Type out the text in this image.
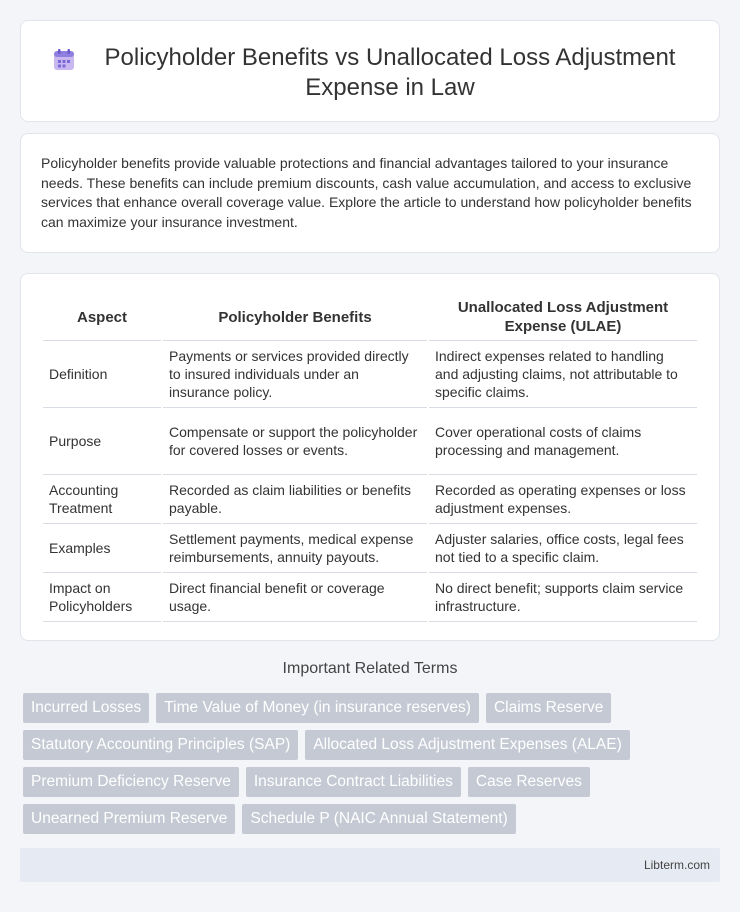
Policyholder Benefits vs Unallocated Loss Adjustment Expense in Law

Policyholder benefits provide valuable protections and financial advantages tailored to your insurance needs. These benefits can include premium discounts, cash value accumulation, and access to exclusive services that enhance overall coverage value. Explore the article to understand how policyholder benefits can maximize your insurance investment.

Aspect	Policyholder Benefits	Unallocated Loss Adjustment Expense (ULAE)
Definition	Payments or services provided directly to insured individuals under an insurance policy.	Indirect expenses related to handling and adjusting claims, not attributable to specific claims.
Purpose	Compensate or support the policyholder for covered losses or events.	Cover operational costs of claims processing and management.
Accounting Treatment	Recorded as claim liabilities or benefits payable.	Recorded as operating expenses or loss adjustment expenses.
Examples	Settlement payments, medical expense reimbursements, annuity payouts.	Adjuster salaries, office costs, legal fees not tied to a specific claim.
Impact on Policyholders	Direct financial benefit or coverage usage.	No direct benefit; supports claim service infrastructure.
Important Related Terms
Incurred Losses	Time Value of Money (in insurance reserves)	Claims Reserve
Statutory Accounting Principles (SAP)	Allocated Loss Adjustment Expenses (ALAE)
Premium Deficiency Reserve	Insurance Contract Liabilities	Case Reserves
Unearned Premium Reserve	Schedule P (NAIC Annual Statement)
Libterm.com
